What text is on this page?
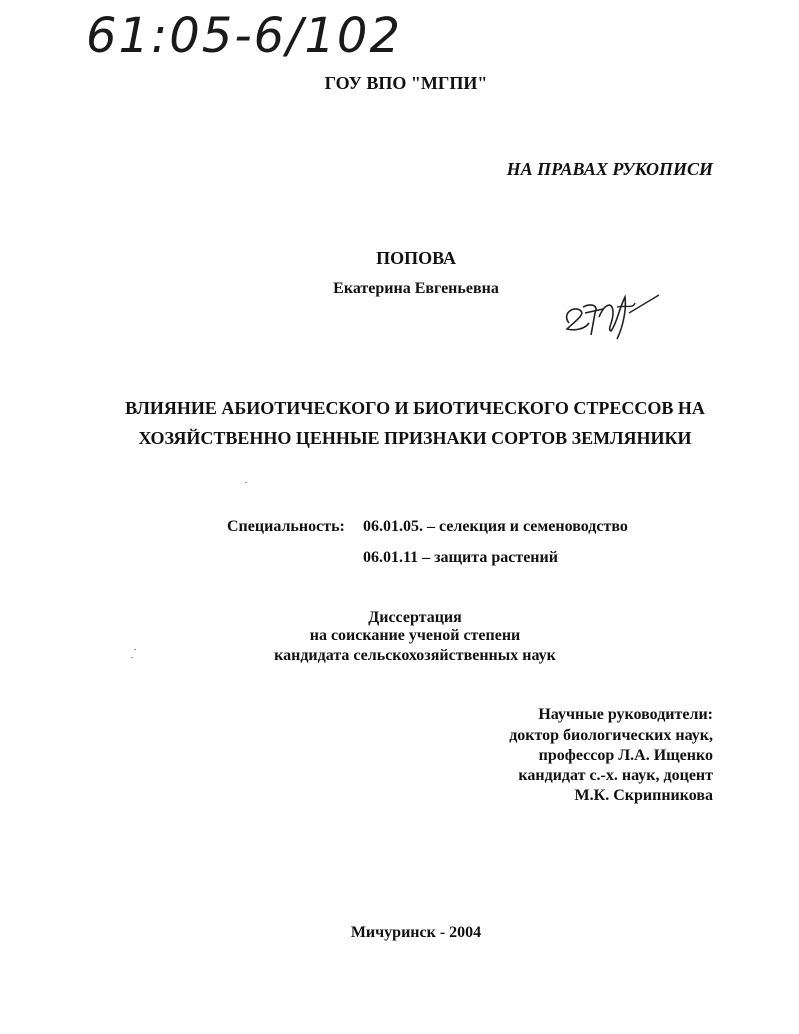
61:05-6/102
ГОУ ВПО "МГПИ"
НА ПРАВАХ РУКОПИСИ
ПОПОВА
Екатерина Евгеньевна
ВЛИЯНИЕ АБИОТИЧЕСКОГО И БИОТИЧЕСКОГО СТРЕССОВ НА
ХОЗЯЙСТВЕННО ЦЕННЫЕ ПРИЗНАКИ СОРТОВ ЗЕМЛЯНИКИ
Специальность: 06.01.05. – селекция и семеноводство
06.01.11 – защита растений
Диссертация
на соискание ученой степени
кандидата сельскохозяйственных наук
Научные руководители:
доктор биологических наук,
профессор Л.А. Ищенко
кандидат с.-х. наук, доцент
М.К. Скрипникова
Мичуринск - 2004
